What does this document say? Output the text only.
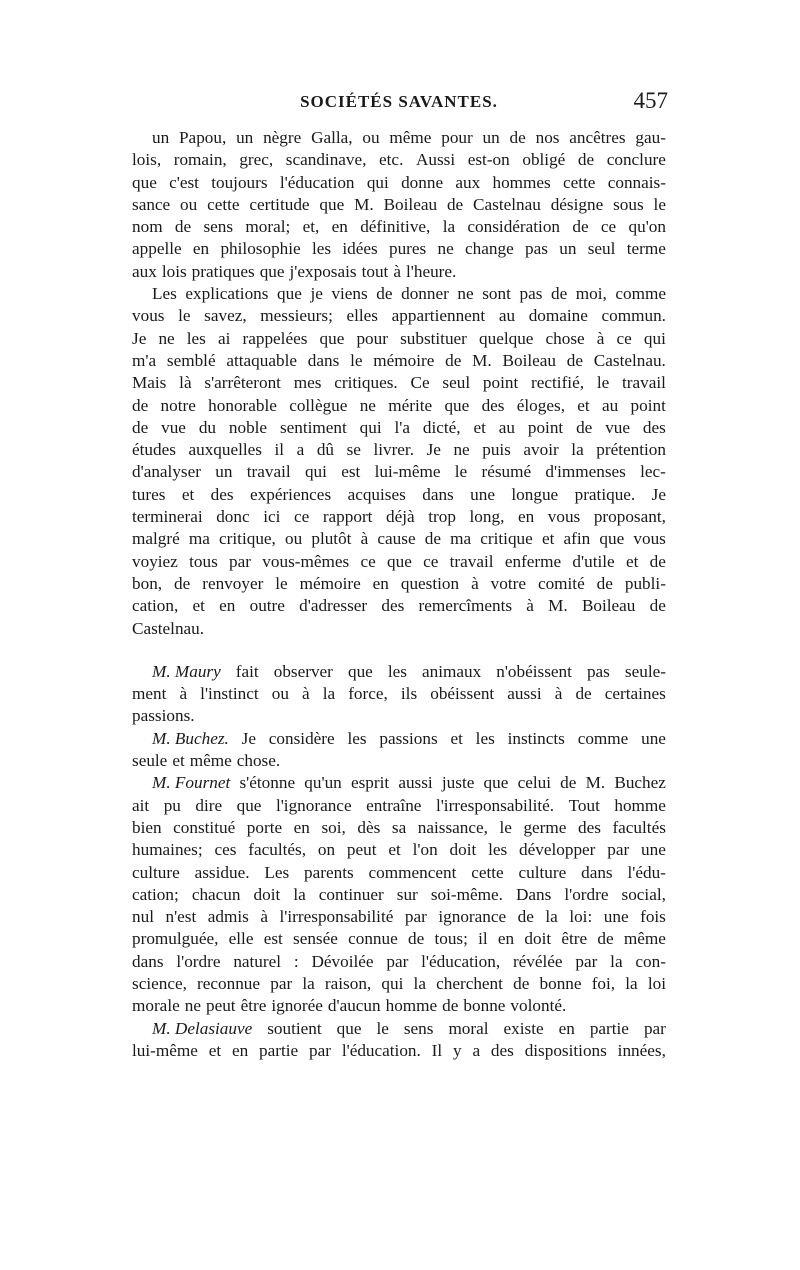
SOCIÉTÉS SAVANTES.	457
un Papou, un nègre Galla, ou même pour un de nos ancêtres gau-
lois, romain, grec, scandinave, etc. Aussi est-on obligé de conclure
que c'est toujours l'éducation qui donne aux hommes cette connais-
sance ou cette certitude que M. Boileau de Castelnau désigne sous le
nom de sens moral; et, en définitive, la considération de ce qu'on
appelle en philosophie les idées pures ne change pas un seul terme
aux lois pratiques que j'exposais tout à l'heure.
Les explications que je viens de donner ne sont pas de moi, comme
vous le savez, messieurs; elles appartiennent au domaine commun.
Je ne les ai rappelées que pour substituer quelque chose à ce qui
m'a semblé attaquable dans le mémoire de M. Boileau de Castelnau.
Mais là s'arrêteront mes critiques. Ce seul point rectifié, le travail
de notre honorable collègue ne mérite que des éloges, et au point
de vue du noble sentiment qui l'a dicté, et au point de vue des
études auxquelles il a dû se livrer. Je ne puis avoir la prétention
d'analyser un travail qui est lui-même le résumé d'immenses lec-
tures et des expériences acquises dans une longue pratique. Je
terminerai donc ici ce rapport déjà trop long, en vous proposant,
malgré ma critique, ou plutôt à cause de ma critique et afin que vous
voyiez tous par vous-mêmes ce que ce travail enferme d'utile et de
bon, de renvoyer le mémoire en question à votre comité de publi-
cation, et en outre d'adresser des remercîments à M. Boileau de
Castelnau.
M. Maury fait observer que les animaux n'obéissent pas seule-
ment à l'instinct ou à la force, ils obéissent aussi à de certaines
passions.
M. Buchez. Je considère les passions et les instincts comme une
seule et même chose.
M. Fournet s'étonne qu'un esprit aussi juste que celui de M. Buchez
ait pu dire que l'ignorance entraîne l'irresponsabilité. Tout homme
bien constitué porte en soi, dès sa naissance, le germe des facultés
humaines; ces facultés, on peut et l'on doit les développer par une
culture assidue. Les parents commencent cette culture dans l'édu-
cation; chacun doit la continuer sur soi-même. Dans l'ordre social,
nul n'est admis à l'irresponsabilité par ignorance de la loi: une fois
promulguée, elle est sensée connue de tous; il en doit être de même
dans l'ordre naturel : Dévoilée par l'éducation, révélée par la con-
science, reconnue par la raison, qui la cherchent de bonne foi, la loi
morale ne peut être ignorée d'aucun homme de bonne volonté.
M. Delasiauve soutient que le sens moral existe en partie par
lui-même et en partie par l'éducation. Il y a des dispositions innées,
